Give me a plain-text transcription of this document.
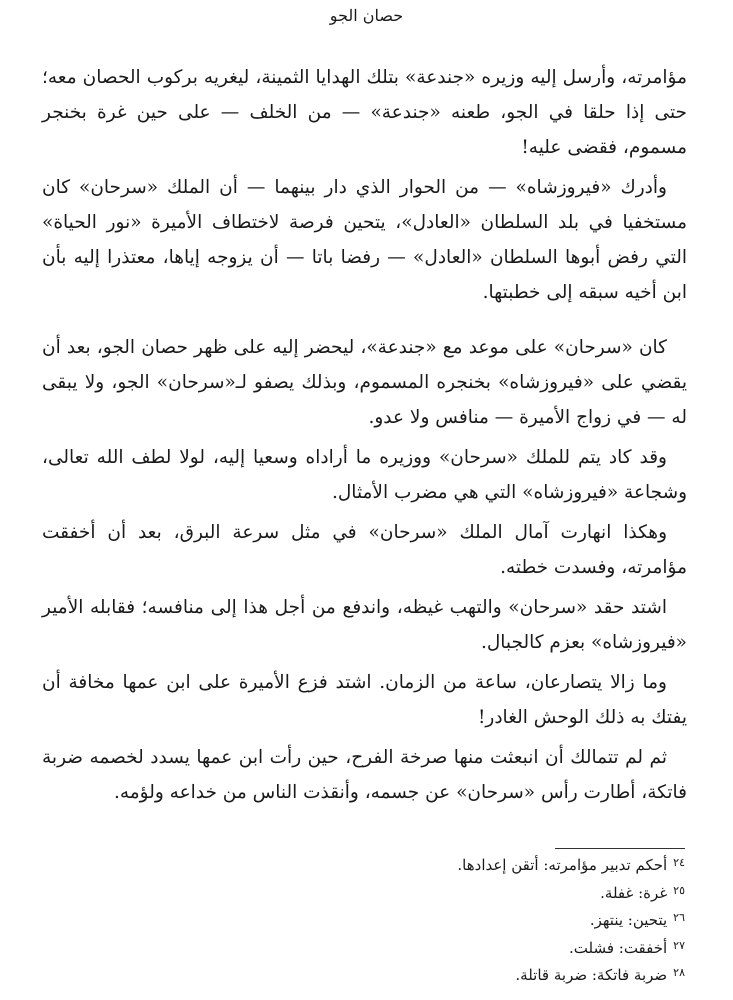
حصان الجو

مؤامرته، وأرسل إليه وزيره «جندعة» بتلك الهدايا الثمينة، ليغريه بركوب الحصان معه؛ حتى إذا حلقا في الجو، طعنه «جندعة» — من الخلف — على حين غرة بخنجر مسموم، فقضى عليه!

وأدرك «فيروزشاه» — من الحوار الذي دار بينهما — أن الملك «سرحان» كان مستخفيا في بلد السلطان «العادل»، يتحين فرصة لاختطاف الأميرة «نور الحياة» التي رفض أبوها السلطان «العادل» — رفضا باتا — أن يزوجه إياها، معتذرا إليه بأن ابن أخيه سبقه إلى خطبتها.

كان «سرحان» على موعد مع «جندعة»، ليحضر إليه على ظهر حصان الجو، بعد أن يقضي على «فيروزشاه» بخنجره المسموم، وبذلك يصفو لـ«سرحان» الجو، ولا يبقى له — في زواج الأميرة — منافس ولا عدو.

وقد كاد يتم للملك «سرحان» ووزيره ما أراداه وسعيا إليه، لولا لطف الله تعالى، وشجاعة «فيروزشاه» التي هي مضرب الأمثال.

وهكذا انهارت آمال الملك «سرحان» في مثل سرعة البرق، بعد أن أخفقت مؤامرته، وفسدت خطته.

اشتد حقد «سرحان» والتهب غيظه، واندفع من أجل هذا إلى منافسه؛ فقابله الأمير «فيروزشاه» بعزم كالجبال.

وما زالا يتصارعان، ساعة من الزمان. اشتد فزع الأميرة على ابن عمها مخافة أن يفتك به ذلك الوحش الغادر!

ثم لم تتمالك أن انبعثت منها صرخة الفرح، حين رأت ابن عمها يسدد لخصمه ضربة فاتكة، أطارت رأس «سرحان» عن جسمه، وأنقذت الناس من خداعه ولؤمه.

٢٤
أحكم تدبير مؤامرته: أتقن إعدادها.
٢٥
غرة: غفلة.
٢٦
يتحين: ينتهز.
٢٧
أخفقت: فشلت.
٢٨
ضربة فاتكة: ضربة قاتلة.
